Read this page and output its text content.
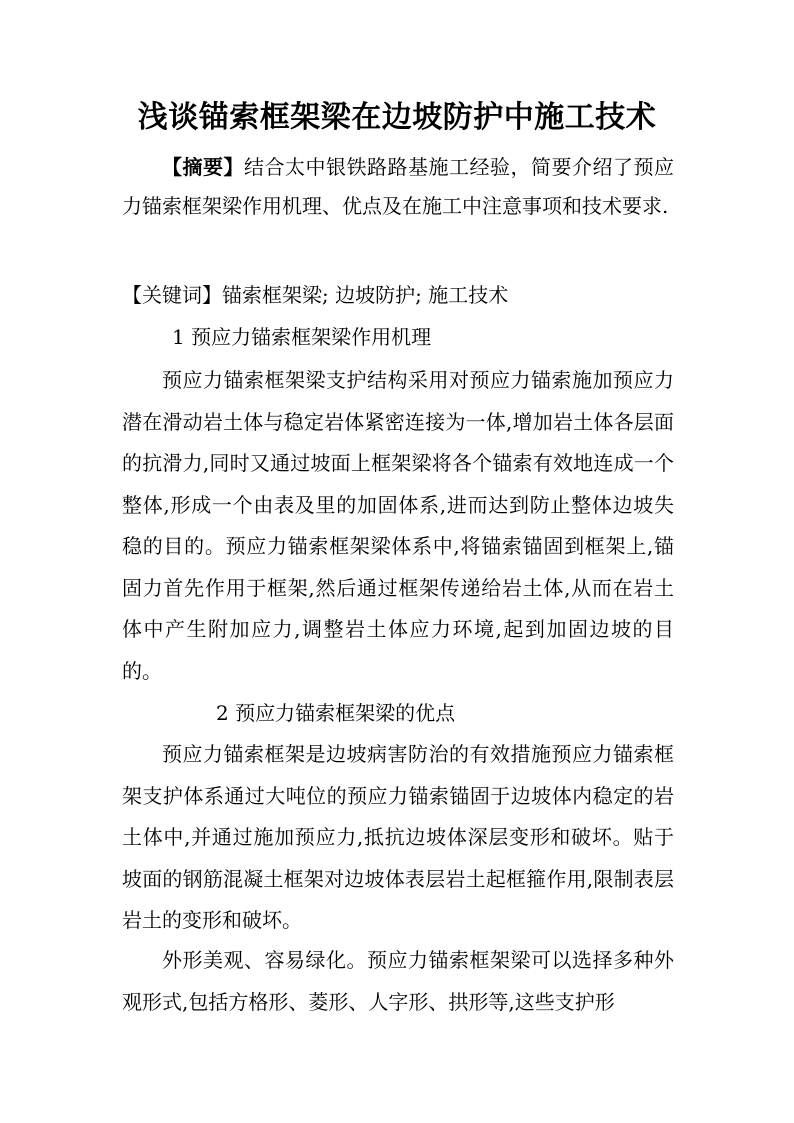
浅谈锚索框架梁在边坡防护中施工技术
【摘要】结合太中银铁路路基施工经验，简要介绍了预应力锚索框架梁作用机理、优点及在施工中注意事项和技术要求.
【关键词】锚索框架梁; 边坡防护; 施工技术
1 预应力锚索框架梁作用机理
预应力锚索框架梁支护结构采用对预应力锚索施加预应力潜在滑动岩土体与稳定岩体紧密连接为一体,增加岩土体各层面的抗滑力,同时又通过坡面上框架梁将各个锚索有效地连成一个整体,形成一个由表及里的加固体系,进而达到防止整体边坡失稳的目的。预应力锚索框架梁体系中,将锚索锚固到框架上,锚固力首先作用于框架,然后通过框架传递给岩土体,从而在岩土体中产生附加应力,调整岩土体应力环境,起到加固边坡的目的。
2 预应力锚索框架梁的优点
预应力锚索框架是边坡病害防治的有效措施预应力锚索框架支护体系通过大吨位的预应力锚索锚固于边坡体内稳定的岩土体中,并通过施加预应力,抵抗边坡体深层变形和破坏。贴于坡面的钢筋混凝土框架对边坡体表层岩土起框箍作用,限制表层岩土的变形和破坏。
外形美观、容易绿化。预应力锚索框架梁可以选择多种外观形式,包括方格形、菱形、人字形、拱形等,这些支护形
